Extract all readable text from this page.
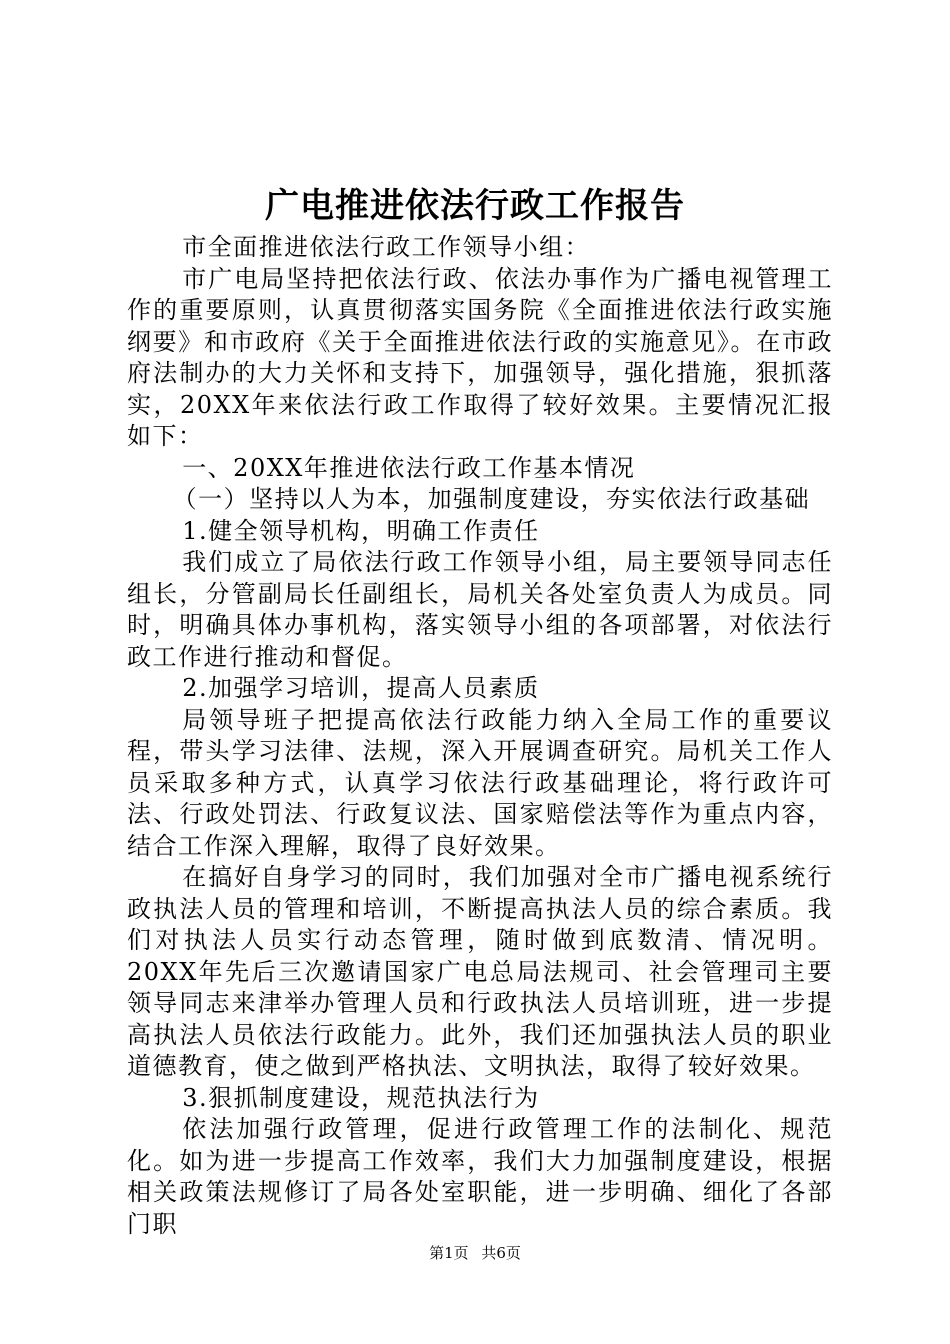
广电推进依法行政工作报告

市全面推进依法行政工作领导小组：

市广电局坚持把依法行政、依法办事作为广播电视管理工作的重要原则，认真贯彻落实国务院《全面推进依法行政实施纲要》和市政府《关于全面推进依法行政的实施意见》。在市政府法制办的大力关怀和支持下，加强领导，强化措施，狠抓落实，20XX年来依法行政工作取得了较好效果。主要情况汇报如下：

一、20XX年推进依法行政工作基本情况

（一）坚持以人为本，加强制度建设，夯实依法行政基础

1.健全领导机构，明确工作责任

我们成立了局依法行政工作领导小组，局主要领导同志任组长，分管副局长任副组长，局机关各处室负责人为成员。同时，明确具体办事机构，落实领导小组的各项部署，对依法行政工作进行推动和督促。

2.加强学习培训，提高人员素质

局领导班子把提高依法行政能力纳入全局工作的重要议程，带头学习法律、法规，深入开展调查研究。局机关工作人员采取多种方式，认真学习依法行政基础理论，将行政许可法、行政处罚法、行政复议法、国家赔偿法等作为重点内容，结合工作深入理解，取得了良好效果。

在搞好自身学习的同时，我们加强对全市广播电视系统行政执法人员的管理和培训，不断提高执法人员的综合素质。我们对执法人员实行动态管理，随时做到底数清、情况明。20XX年先后三次邀请国家广电总局法规司、社会管理司主要领导同志来津举办管理人员和行政执法人员培训班，进一步提高执法人员依法行政能力。此外，我们还加强执法人员的职业道德教育，使之做到严格执法、文明执法，取得了较好效果。

3.狠抓制度建设，规范执法行为

依法加强行政管理，促进行政管理工作的法制化、规范化。如为进一步提高工作效率，我们大力加强制度建设，根据相关政策法规修订了局各处室职能，进一步明确、细化了各部门职

第1页 共6页
